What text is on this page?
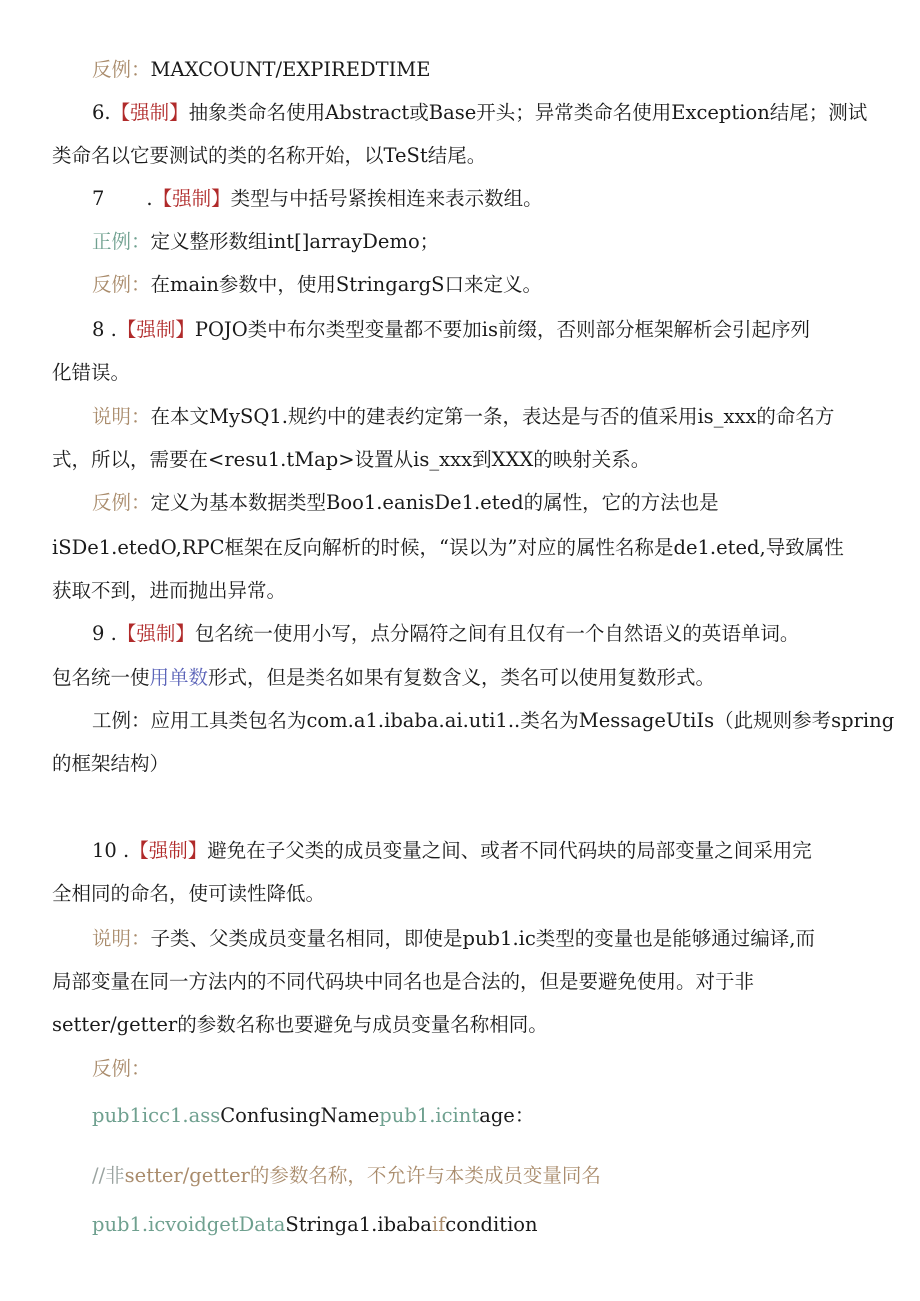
反例：MAXCOUNT/EXPIREDTIME
6.【强制】抽象类命名使用Abstract或Base开头；异常类命名使用Exception结尾；测试
类命名以它要测试的类的名称开始，以TeSt结尾。
7 .【强制】类型与中括号紧挨相连来表示数组。
正例：定义整形数组int[]arrayDemo；
反例：在main参数中，使用StringargS口来定义。
8 .【强制】POJO类中布尔类型变量都不要加is前缀，否则部分框架解析会引起序列
化错误。
说明：在本文MySQ1.规约中的建表约定第一条，表达是与否的值采用is_xxx的命名方
式，所以，需要在<resu1.tMap>设置从is_xxx到XXX的映射关系。
反例：定义为基本数据类型Boo1.eanisDe1.eted的属性，它的方法也是
iSDe1.etedO,RPC框架在反向解析的时候，“误以为”对应的属性名称是de1.eted,导致属性
获取不到，进而抛出异常。
9 .【强制】包名统一使用小写，点分隔符之间有且仅有一个自然语义的英语单词。
包名统一使用单数形式，但是类名如果有复数含义，类名可以使用复数形式。
工例：应用工具类包名为com.a1.ibaba.ai.uti1..类名为MessageUtiIs（此规则参考spring
的框架结构）
10 .【强制】避免在子父类的成员变量之间、或者不同代码块的局部变量之间采用完
全相同的命名，使可读性降低。
说明：子类、父类成员变量名相同，即使是pub1.ic类型的变量也是能够通过编译,而
局部变量在同一方法内的不同代码块中同名也是合法的，但是要避免使用。对于非
setter/getter的参数名称也要避免与成员变量名称相同。
反例：
pub1icc1.assConfusingNamepub1.icintage：
//非setter/getter的参数名称，不允许与本类成员变量同名
pub1.icvoidgetDataStringa1.ibabaifcondition
